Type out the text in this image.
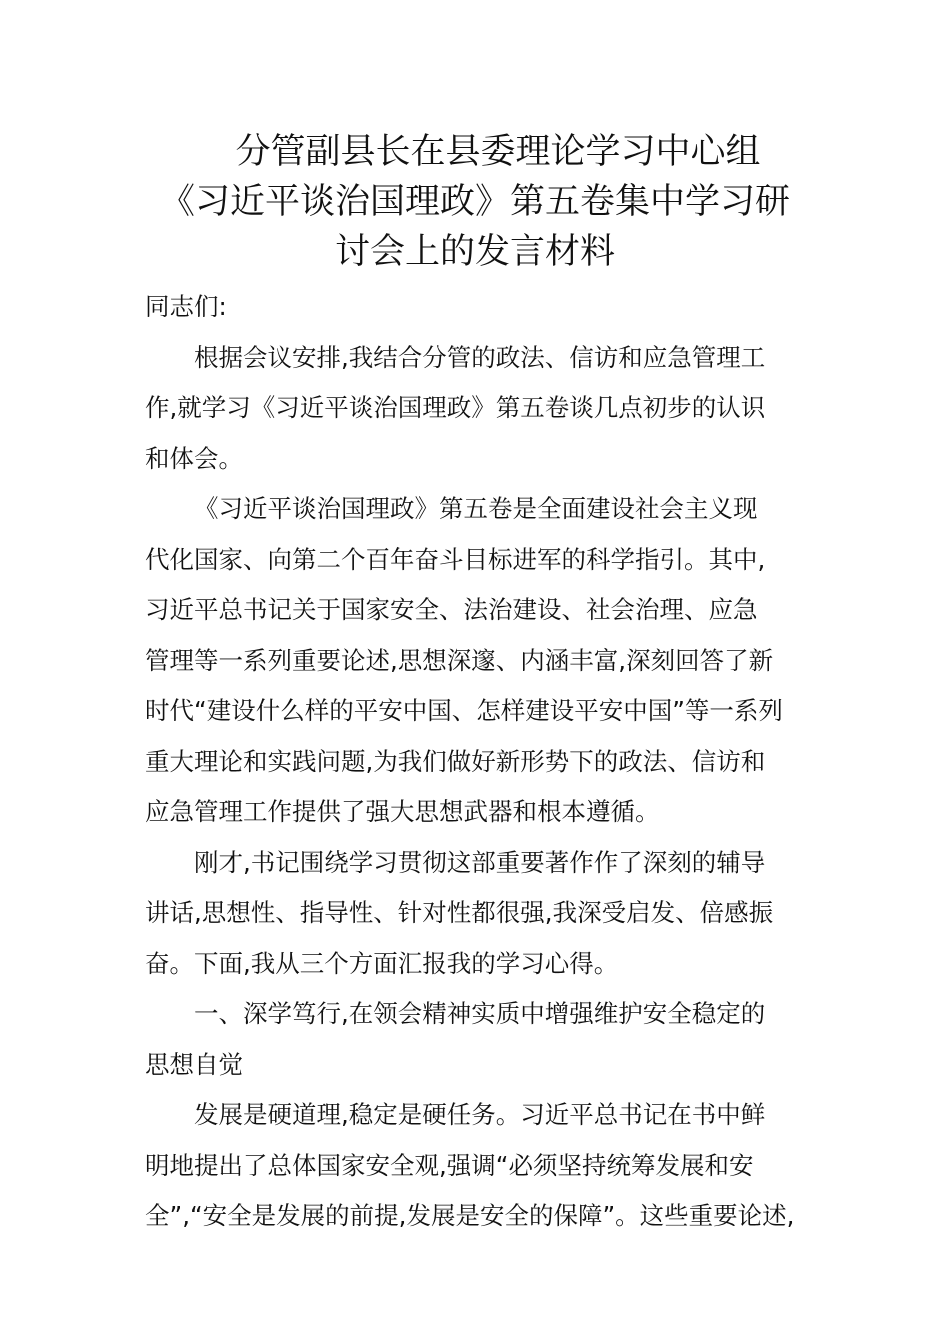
分管副县长在县委理论学习中心组
《习近平谈治国理政》第五卷集中学习研
讨会上的发言材料

同志们:

根据会议安排,我结合分管的政法、信访和应急管理工
作,就学习《习近平谈治国理政》第五卷谈几点初步的认识
和体会。

《习近平谈治国理政》第五卷是全面建设社会主义现
代化国家、向第二个百年奋斗目标进军的科学指引。其中,
习近平总书记关于国家安全、法治建设、社会治理、应急
管理等一系列重要论述,思想深邃、内涵丰富,深刻回答了新
时代“建设什么样的平安中国、怎样建设平安中国”等一系列
重大理论和实践问题,为我们做好新形势下的政法、信访和
应急管理工作提供了强大思想武器和根本遵循。

刚才,书记围绕学习贯彻这部重要著作作了深刻的辅导
讲话,思想性、指导性、针对性都很强,我深受启发、倍感振
奋。下面,我从三个方面汇报我的学习心得。

一、深学笃行,在领会精神实质中增强维护安全稳定的
思想自觉

发展是硬道理,稳定是硬任务。习近平总书记在书中鲜
明地提出了总体国家安全观,强调“必须坚持统筹发展和安
全”,“安全是发展的前提,发展是安全的保障”。这些重要论述,
